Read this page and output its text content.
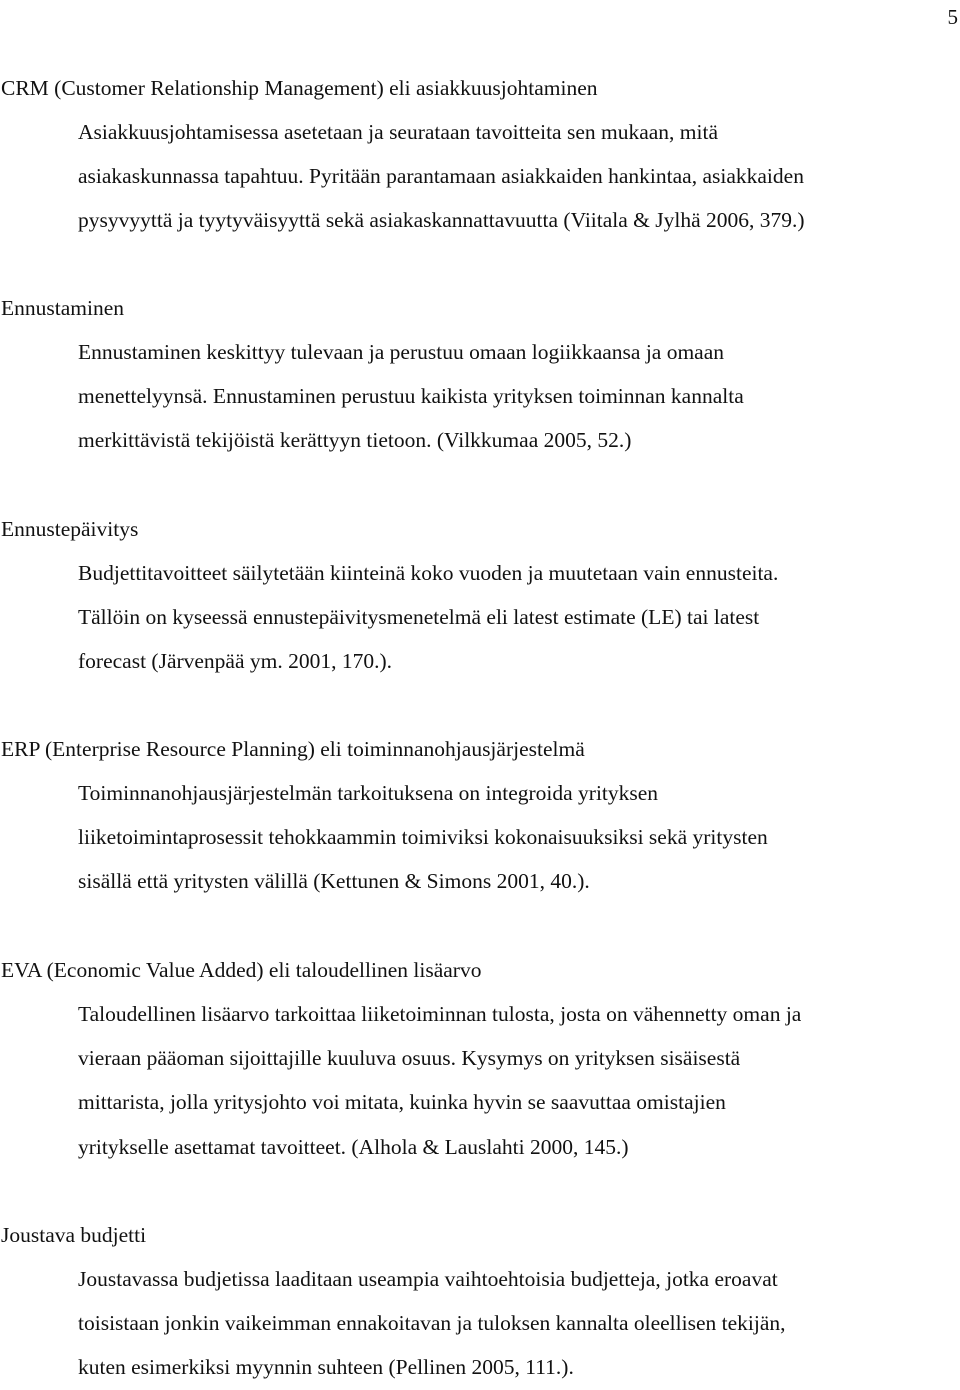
5

CRM (Customer Relationship Management) eli asiakkuusjohtaminen

Asiakkuusjohtamisessa asetetaan ja seurataan tavoitteita sen mukaan, mitä
asiakaskunnassa tapahtuu. Pyritään parantamaan asiakkaiden hankintaa, asiakkaiden
pysyvyyttä ja tyytyväisyyttä sekä asiakaskannattavuutta (Viitala & Jylhä 2006, 379.)

Ennustaminen

Ennustaminen keskittyy tulevaan ja perustuu omaan logiikkaansa ja omaan
menettelyynsä. Ennustaminen perustuu kaikista yrityksen toiminnan kannalta
merkittävistä tekijöistä kerättyyn tietoon. (Vilkkumaa 2005, 52.)

Ennustepäivitys

Budjettitavoitteet säilytetään kiinteinä koko vuoden ja muutetaan vain ennusteita.
Tällöin on kyseessä ennustepäivitysmenetelmä eli latest estimate (LE) tai latest
forecast (Järvenpää ym. 2001, 170.).

ERP (Enterprise Resource Planning) eli toiminnanohjausjärjestelmä

Toiminnanohjausjärjestelmän tarkoituksena on integroida yrityksen
liiketoimintaprosessit tehokkaammin toimiviksi kokonaisuuksiksi sekä yritysten
sisällä että yritysten välillä (Kettunen & Simons 2001, 40.).

EVA (Economic Value Added) eli taloudellinen lisäarvo

Taloudellinen lisäarvo tarkoittaa liiketoiminnan tulosta, josta on vähennetty oman ja
vieraan pääoman sijoittajille kuuluva osuus. Kysymys on yrityksen sisäisestä
mittarista, jolla yritysjohto voi mitata, kuinka hyvin se saavuttaa omistajien
yritykselle asettamat tavoitteet. (Alhola & Lauslahti 2000, 145.)

Joustava budjetti

Joustavassa budjetissa laaditaan useampia vaihtoehtoisia budjetteja, jotka eroavat
toisistaan jonkin vaikeimman ennakoitavan ja tuloksen kannalta oleellisen tekijän,
kuten esimerkiksi myynnin suhteen (Pellinen 2005, 111.).
